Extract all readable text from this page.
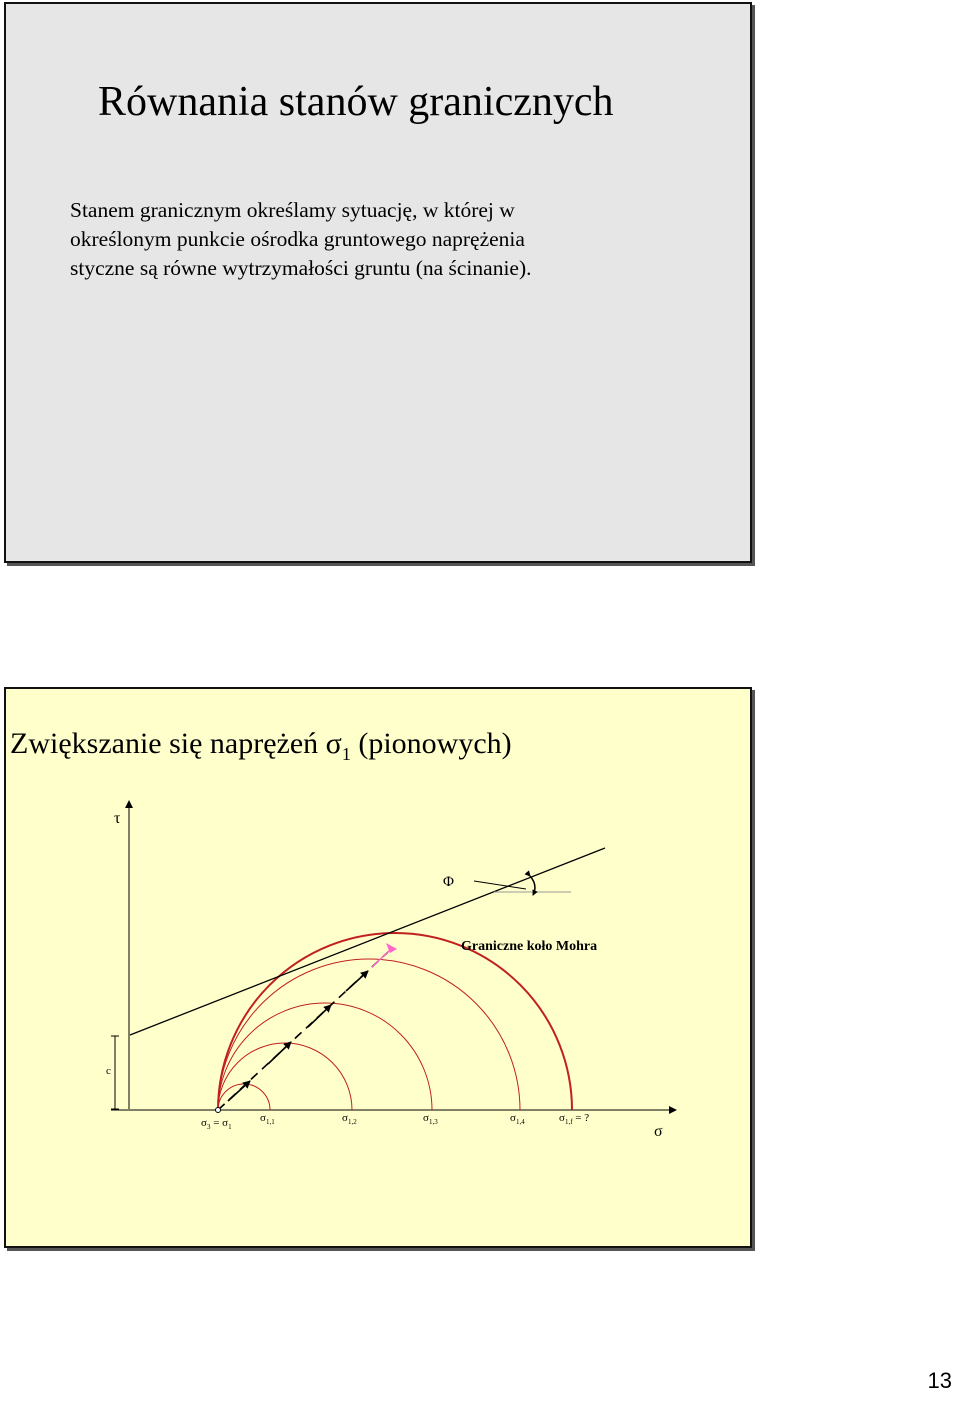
Równania stanów granicznych
Stanem granicznym określamy sytuację, w której w
określonym punkcie ośrodka gruntowego naprężenia
styczne są równe wytrzymałości gruntu (na ścinanie).
Zwiększanie się naprężeń $\sigma_1$ (pionowych)
τ
σ
Φ
c
Graniczne koło Mohra
$\sigma_3 = \sigma_1$
$\sigma_{1,1}$	$\sigma_{1,2}$	$\sigma_{1,3}$	$\sigma_{1,4}$	$\sigma_{1,f}$ = ?
13
